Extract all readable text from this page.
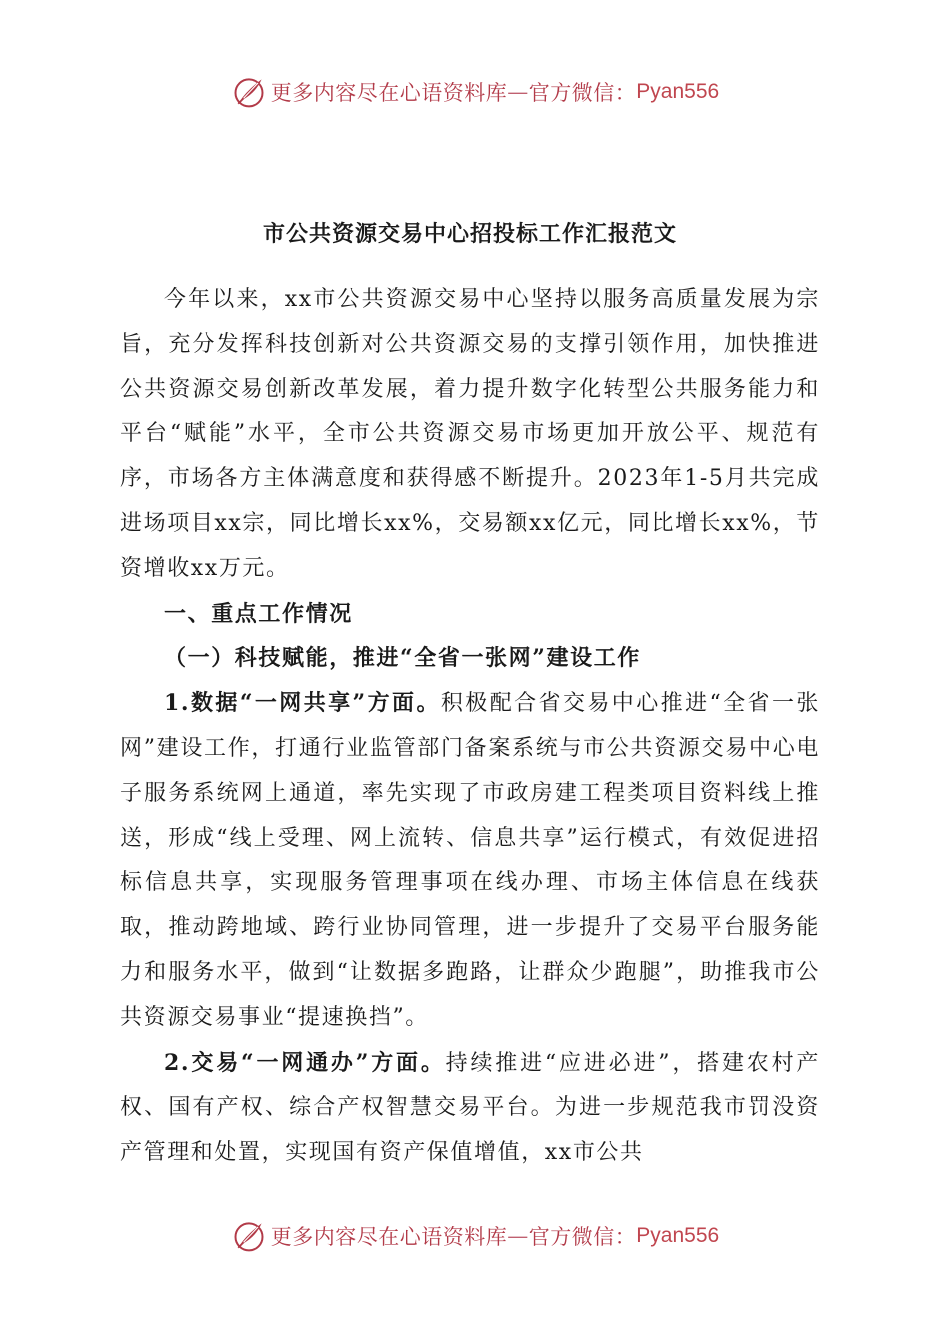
更多内容尽在心语资料库 — 官方微信： Pyan556
市公共资源交易中心招投标工作汇报范文

今年以来，xx市公共资源交易中心坚持以服务高质量发展为宗旨，充分发挥科技创新对公共资源交易的支撑引领作用，加快推进公共资源交易创新改革发展，着力提升数字化转型公共服务能力和平台“赋能”水平，全市公共资源交易市场更加开放公平、规范有序，市场各方主体满意度和获得感不断提升。2023年1-5月共完成进场项目xx宗，同比增长xx%，交易额xx亿元，同比增长xx%，节资增收xx万元。

一、重点工作情况

（一）科技赋能，推进“全省一张网”建设工作

1.数据“一网共享”方面。积极配合省交易中心推进“全省一张网”建设工作，打通行业监管部门备案系统与市公共资源交易中心电子服务系统网上通道，率先实现了市政房建工程类项目资料线上推送，形成“线上受理、网上流转、信息共享”运行模式，有效促进招标信息共享，实现服务管理事项在线办理、市场主体信息在线获取，推动跨地域、跨行业协同管理，进一步提升了交易平台服务能力和服务水平，做到“让数据多跑路，让群众少跑腿”，助推我市公共资源交易事业“提速换挡”。

2.交易“一网通办”方面。持续推进“应进必进”，搭建农村产权、国有产权、综合产权智慧交易平台。为进一步规范我市罚没资产管理和处置，实现国有资产保值增值，xx市公共

更多内容尽在心语资料库 — 官方微信： Pyan556
